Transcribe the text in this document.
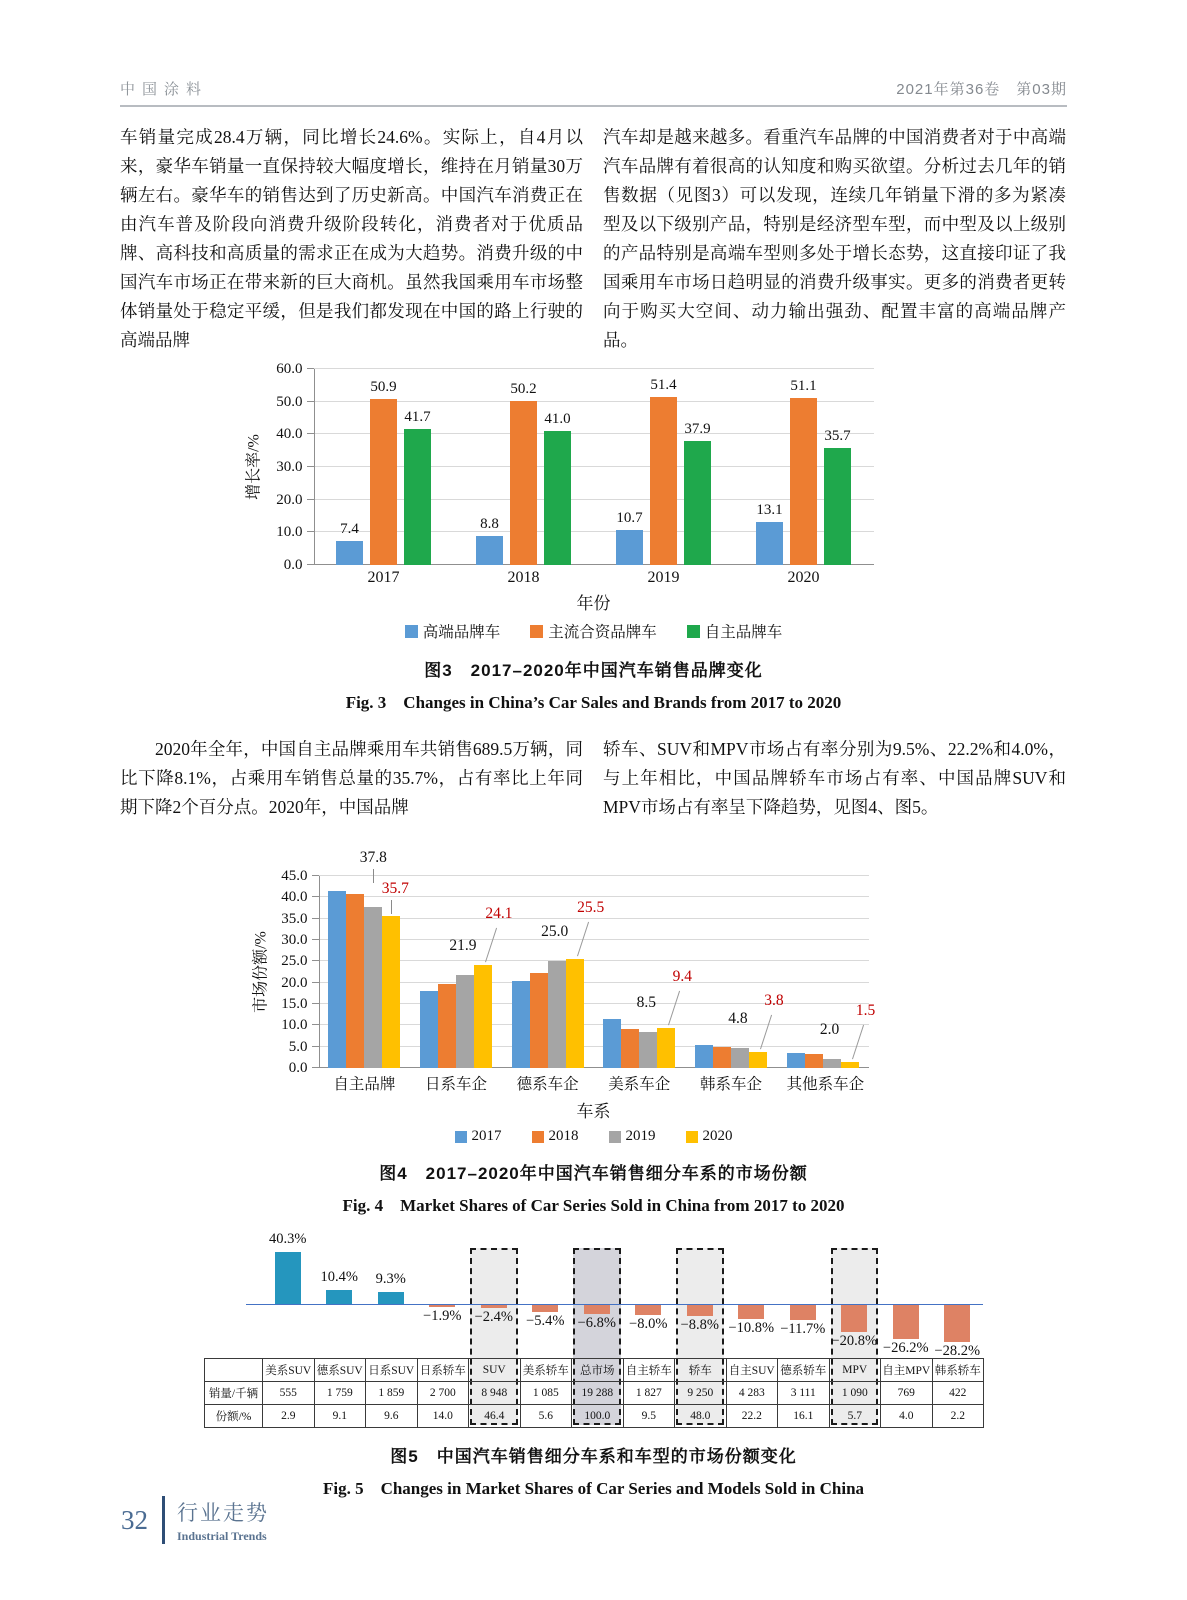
中国涂料	2021年第36卷　第03期

车销量完成28.4万辆，同比增长24.6%。实际上，自4月以来，豪华车销量一直保持较大幅度增长，维持在月销量30万辆左右。豪华车的销售达到了历史新高。中国汽车消费正在由汽车普及阶段向消费升级阶段转化，消费者对于优质品牌、高科技和高质量的需求正在成为大趋势。消费升级的中国汽车市场正在带来新的巨大商机。虽然我国乘用车市场整体销量处于稳定平缓，但是我们都发现在中国的路上行驶的高端品牌

汽车却是越来越多。看重汽车品牌的中国消费者对于中高端汽车品牌有着很高的认知度和购买欲望。分析过去几年的销售数据（见图3）可以发现，连续几年销量下滑的多为紧凑型及以下级别产品，特别是经济型车型，而中型及以上级别的产品特别是高端车型则多处于增长态势，这直接印证了我国乘用车市场日趋明显的消费升级事实。更多的消费者更转向于购买大空间、动力输出强劲、配置丰富的高端品牌产品。

0.0
10.0
20.0
30.0
40.0
50.0
60.0
增长率/%
7.4
50.9
41.7
8.8
50.2
41.0
10.7
51.4
37.9
13.1
51.1
35.7
2017	2018	2019	2020
年份
高端品牌车	主流合资品牌车	自主品牌车
图3　2017–2020年中国汽车销售品牌变化
Fig. 3　Changes in China’s Car Sales and Brands from 2017 to 2020

2020年全年，中国自主品牌乘用车共销售689.5万辆，同比下降8.1%，占乘用车销售总量的35.7%，占有率比上年同期下降2个百分点。2020年，中国品牌

轿车、SUV和MPV市场占有率分别为9.5%、22.2%和4.0%，与上年相比，中国品牌轿车市场占有率、中国品牌SUV和MPV市场占有率呈下降趋势，见图4、图5。

0.0
5.0
10.0
15.0
20.0
25.0
30.0
35.0
40.0
45.0
市场份额/%
37.8
35.7
21.9
24.1
25.0
25.5
8.5
9.4
4.8
3.8
2.0
1.5
自主品牌	日系车企	德系车企	美系车企	韩系车企	其他系车企
车系
2017	2018	2019	2020
图4　2017–2020年中国汽车销售细分车系的市场份额
Fig. 4　Market Shares of Car Series Sold in China from 2017 to 2020
40.3%
10.4% 9.3%
−1.9% −2.4% −5.4% −6.8% −8.0% −8.8% −10.8% −11.7%
−20.8% −26.2% −28.2%
	美系SUV	德系SUV	日系SUV	日系轿车	SUV	美系轿车	总市场	自主轿车	轿车	自主SUV	德系轿车	MPV	自主MPV	韩系轿车
销量/千辆	555	1 759	1 859	2 700	8 948	1 085	19 288	1 827	9 250	4 283	3 111	1 090	769	422
份额/%	2.9	9.1	9.6	14.0	46.4	5.6	100.0	9.5	48.0	22.2	16.1	5.7	4.0	2.2
图5　中国汽车销售细分车系和车型的市场份额变化
Fig. 5　Changes in Market Shares of Car Series and Models Sold in China
32 行业走势
Industrial Trends
